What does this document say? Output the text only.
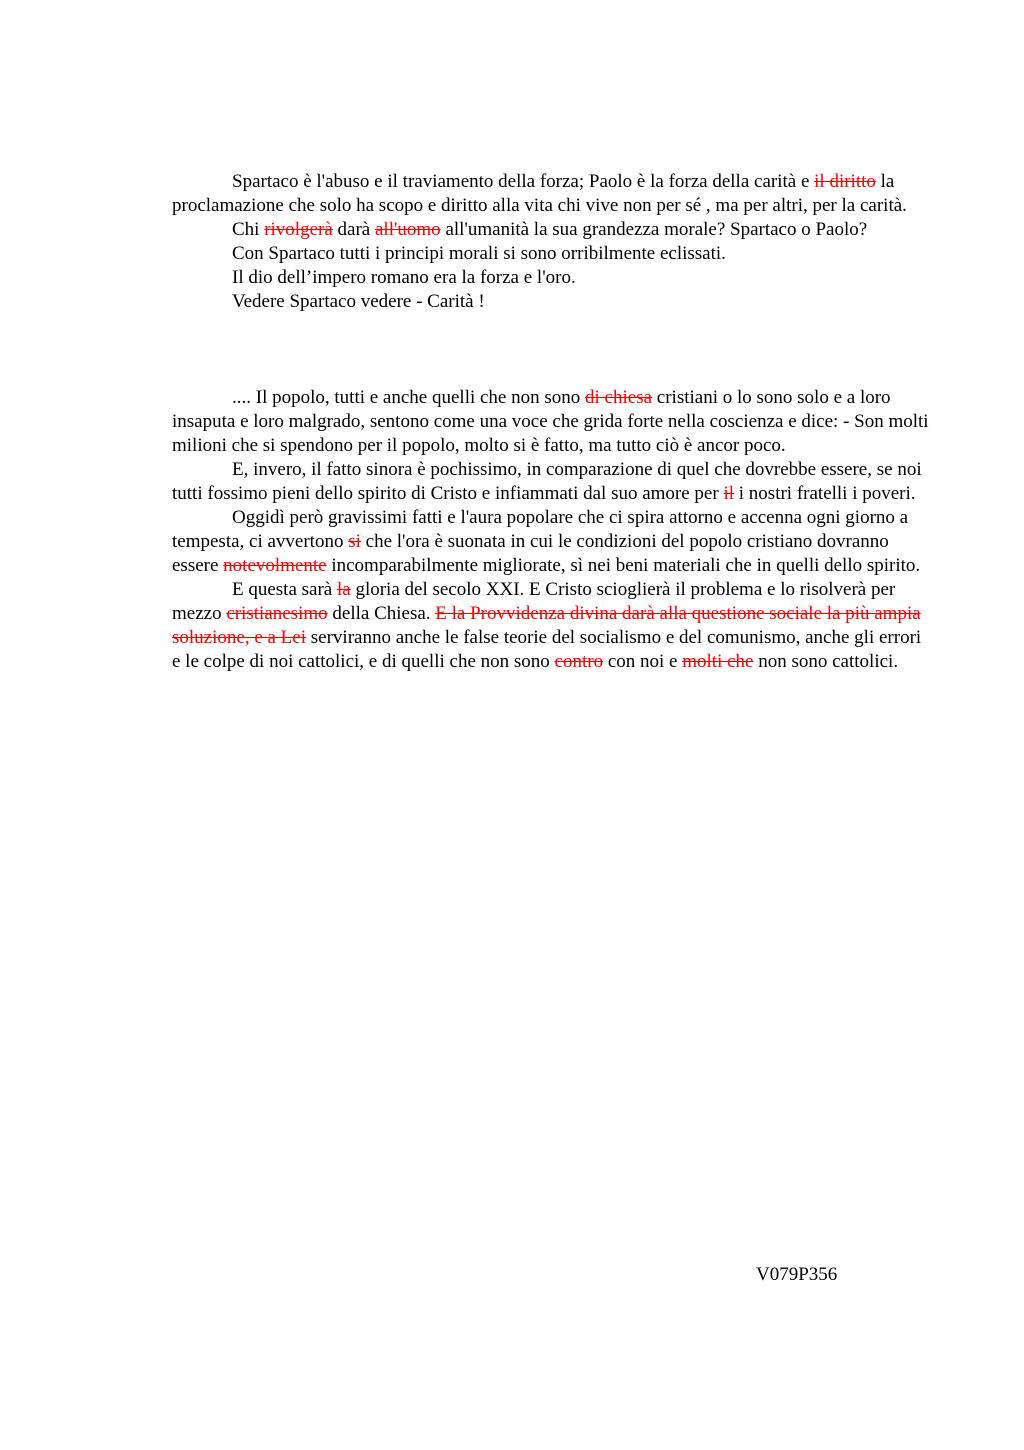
Spartaco è l'abuso e il traviamento della forza; Paolo è la forza della carità e il diritto la proclamazione che solo ha scopo e diritto alla vita chi vive non per sé , ma per altri, per la carità.

Chi rivolgerà darà all'uomo all'umanità la sua grandezza morale? Spartaco o Paolo?

Con Spartaco tutti i principi morali si sono orribilmente eclissati.

Il dio dell’impero romano era la forza e l'oro.

Vedere Spartaco vedere - Carità !

.... Il popolo, tutti e anche quelli che non sono di chiesa cristiani o lo sono solo e a loro insaputa e loro malgrado, sentono come una voce che grida forte nella coscienza e dice: - Son molti milioni che si spendono per il popolo, molto si è fatto, ma tutto ciò è ancor poco.

E, invero, il fatto sinora è pochissimo, in comparazione di quel che dovrebbe essere, se noi tutti fossimo pieni dello spirito di Cristo e infiammati dal suo amore per il i nostri fratelli i poveri.

Oggidì però gravissimi fatti e l'aura popolare che ci spira attorno e accenna ogni giorno a tempesta, ci avvertono si che l'ora è suonata in cui le condizioni del popolo cristiano dovranno essere notevolmente incomparabilmente migliorate, sì nei beni materiali che in quelli dello spirito.

E questa sarà la gloria del secolo XXI. E Cristo scioglierà il problema e lo risolverà per mezzo cristianesimo della Chiesa. E la Provvidenza divina darà alla questione sociale la più ampia soluzione, e a Lei serviranno anche le false teorie del socialismo e del comunismo, anche gli errori e le colpe di noi cattolici, e di quelli che non sono contro con noi e molti che non sono cattolici.

V079P356
